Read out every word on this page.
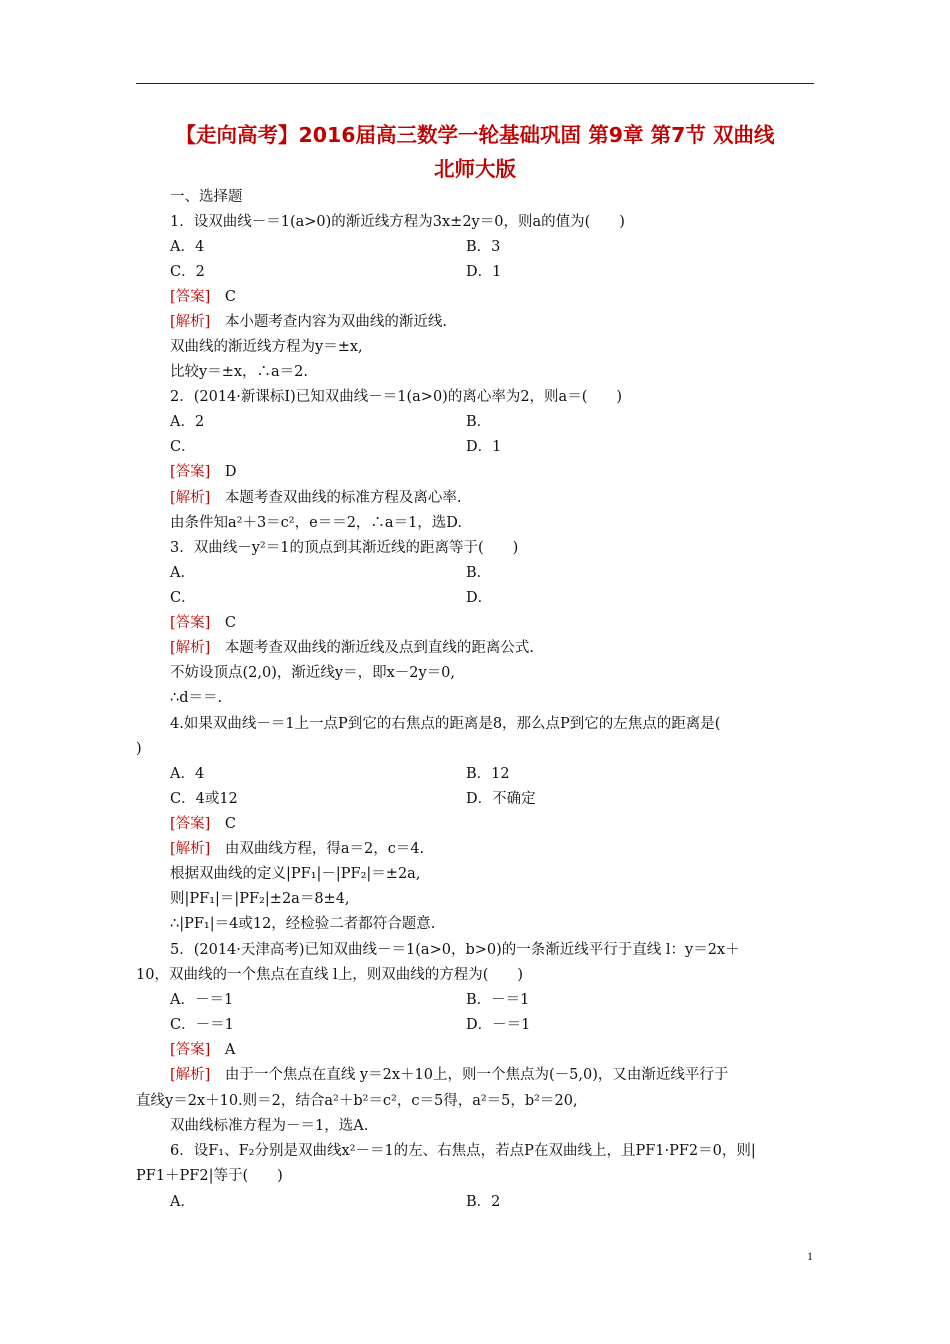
【走向高考】2016届高三数学一轮基础巩固 第9章 第7节 双曲线
北师大版
一、选择题
1．设双曲线－＝1(a>0)的渐近线方程为3x±2y＝0，则a的值为(　　)
A．4	B．3
C．2	D．1
[答案]　C
[解析]　本小题考查内容为双曲线的渐近线.
双曲线的渐近线方程为y＝±x,
比较y＝±x，∴a＝2.
2．(2014·新课标Ⅰ)已知双曲线－＝1(a>0)的离心率为2，则a＝(　　)
A．2	B．
C．	D．1
[答案]　D
[解析]　本题考查双曲线的标准方程及离心率.
由条件知a²＋3＝c²，e＝＝2，∴a＝1，选D.
3．双曲线－y²＝1的顶点到其渐近线的距离等于(　　)
A．	B．
C．	D．
[答案]　C
[解析]　本题考查双曲线的渐近线及点到直线的距离公式.
不妨设顶点(2,0)，渐近线y＝，即x－2y＝0,
∴d＝＝.
4.如果双曲线－＝1上一点P到它的右焦点的距离是8，那么点P到它的左焦点的距离是(
)
A．4	B．12
C．4或12	D．不确定
[答案]　C
[解析]　由双曲线方程，得a＝2，c＝4.
根据双曲线的定义|PF₁|－|PF₂|＝±2a,
则|PF₁|＝|PF₂|±2a＝8±4,
∴|PF₁|＝4或12，经检验二者都符合题意.
5．(2014·天津高考)已知双曲线－＝1(a>0，b>0)的一条渐近线平行于直线 l：y＝2x＋
10，双曲线的一个焦点在直线 l上，则双曲线的方程为(　　)
A．－＝1	B．－＝1
C．－＝1	D．－＝1
[答案]　A
[解析]　由于一个焦点在直线 y＝2x＋10上，则一个焦点为(－5,0)，又由渐近线平行于
直线y＝2x＋10.则＝2，结合a²＋b²＝c²，c＝5得，a²＝5，b²＝20,
双曲线标准方程为－＝1，选A.
6．设F₁、F₂分别是双曲线x²－＝1的左、右焦点，若点P在双曲线上，且PF1·PF2＝0，则|
PF1＋PF2|等于(　　)
A．	B．2
1
